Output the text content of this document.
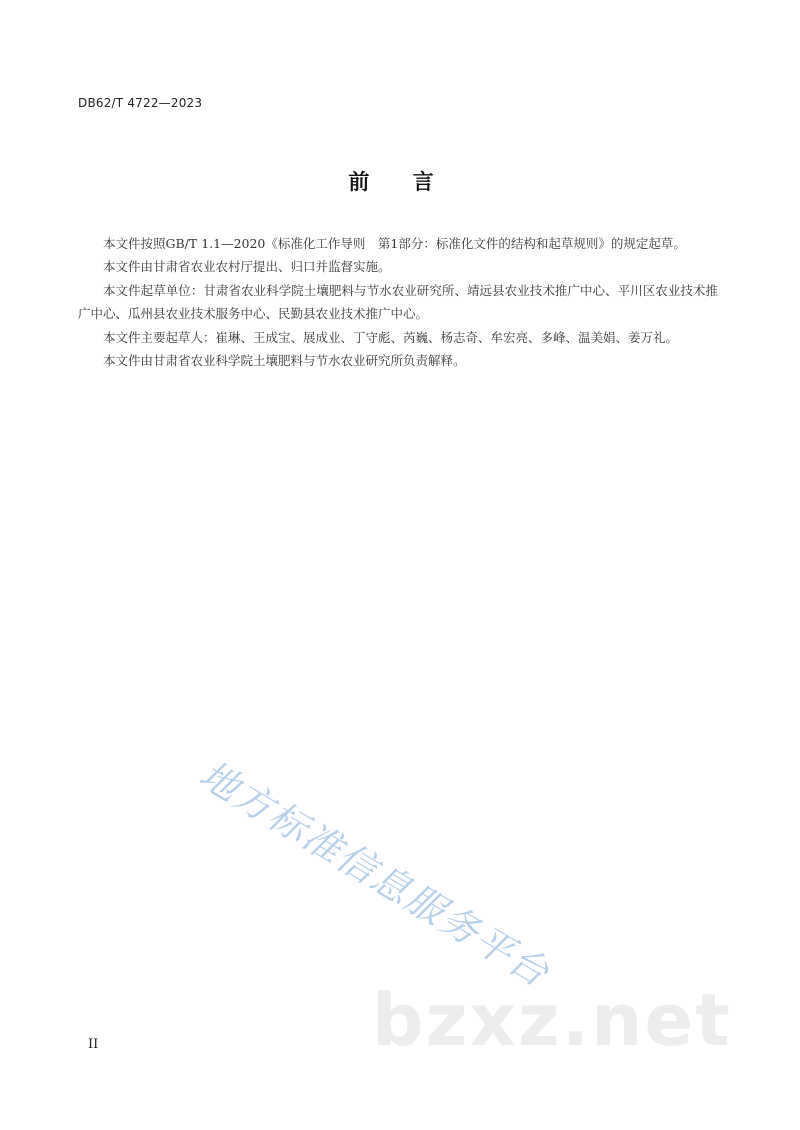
DB62/T 4722—2023
前 言

本文件按照GB/T 1.1—2020《标准化工作导则　第1部分：标准化文件的结构和起草规则》的规定起草。

本文件由甘肃省农业农村厅提出、归口并监督实施。

本文件起草单位：甘肃省农业科学院土壤肥料与节水农业研究所、靖远县农业技术推广中心、平川区农业技术推广中心、瓜州县农业技术服务中心、民勤县农业技术推广中心。

本文件主要起草人：崔琳、王成宝、展成业、丁守彪、芮巍、杨志奇、牟宏亮、多峰、温美娟、姜万礼。

本文件由甘肃省农业科学院土壤肥料与节水农业研究所负责解释。

地方标准信息服务平台
bzxz.net
II
